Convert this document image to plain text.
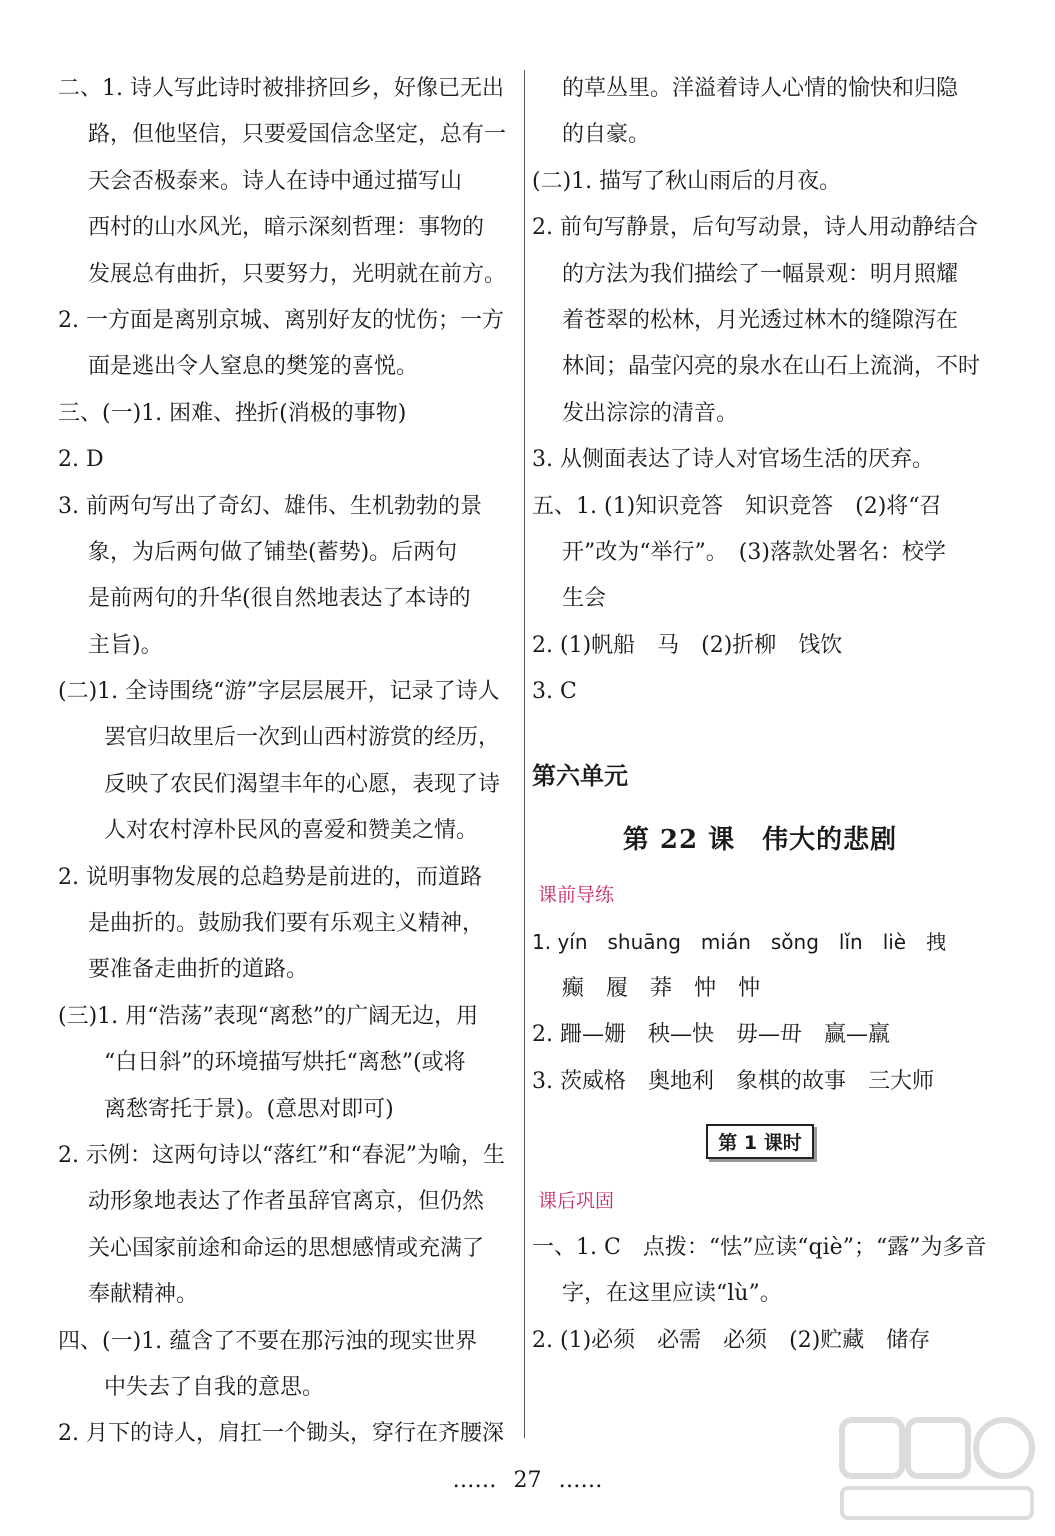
二、1. 诗人写此诗时被排挤回乡，好像已无出
路，但他坚信，只要爱国信念坚定，总有一
天会否极泰来。诗人在诗中通过描写山
西村的山水风光，暗示深刻哲理：事物的
发展总有曲折，只要努力，光明就在前方。
2. 一方面是离别京城、离别好友的忧伤；一方
面是逃出令人窒息的樊笼的喜悦。
三、(一)1. 困难、挫折(消极的事物)
2. D
3. 前两句写出了奇幻、雄伟、生机勃勃的景
象，为后两句做了铺垫(蓄势)。后两句
是前两句的升华(很自然地表达了本诗的
主旨)。
(二)1. 全诗围绕“游”字层层展开，记录了诗人
罢官归故里后一次到山西村游赏的经历，
反映了农民们渴望丰年的心愿，表现了诗
人对农村淳朴民风的喜爱和赞美之情。
2. 说明事物发展的总趋势是前进的，而道路
是曲折的。鼓励我们要有乐观主义精神，
要准备走曲折的道路。
(三)1. 用“浩荡”表现“离愁”的广阔无边，用
“白日斜”的环境描写烘托“离愁”(或将
离愁寄托于景)。(意思对即可)
2. 示例：这两句诗以“落红”和“春泥”为喻，生
动形象地表达了作者虽辞官离京，但仍然
关心国家前途和命运的思想感情或充满了
奉献精神。
四、(一)1. 蕴含了不要在那污浊的现实世界
中失去了自我的意思。
2. 月下的诗人，肩扛一个锄头，穿行在齐腰深
的草丛里。洋溢着诗人心情的愉快和归隐
的自豪。
(二)1. 描写了秋山雨后的月夜。
2. 前句写静景，后句写动景，诗人用动静结合
的方法为我们描绘了一幅景观：明月照耀
着苍翠的松林，月光透过林木的缝隙泻在
林间；晶莹闪亮的泉水在山石上流淌，不时
发出淙淙的清音。
3. 从侧面表达了诗人对官场生活的厌弃。
五、1. (1)知识竞答　知识竞答　(2)将“召
开”改为“举行”。　(3)落款处署名：校学
生会
2. (1)帆船　马　(2)折柳　饯饮
3. C
第六单元
第 22 课　伟大的悲剧
课前导练
1. yín　shuāng　mián　sǒng　lǐn　liè　拽
癫　履　莽　忡　忡
2. 跚—姗　秧—快　毋—毌　赢—羸
3. 茨威格　奥地利　象棋的故事　三大师
第 1 课时
课后巩固
一、1. C　点拨：“怯”应读“qiè”；“露”为多音
字，在这里应读“lù”。
2. (1)必须　必需　必须　(2)贮藏　储存
…… 27 ……
